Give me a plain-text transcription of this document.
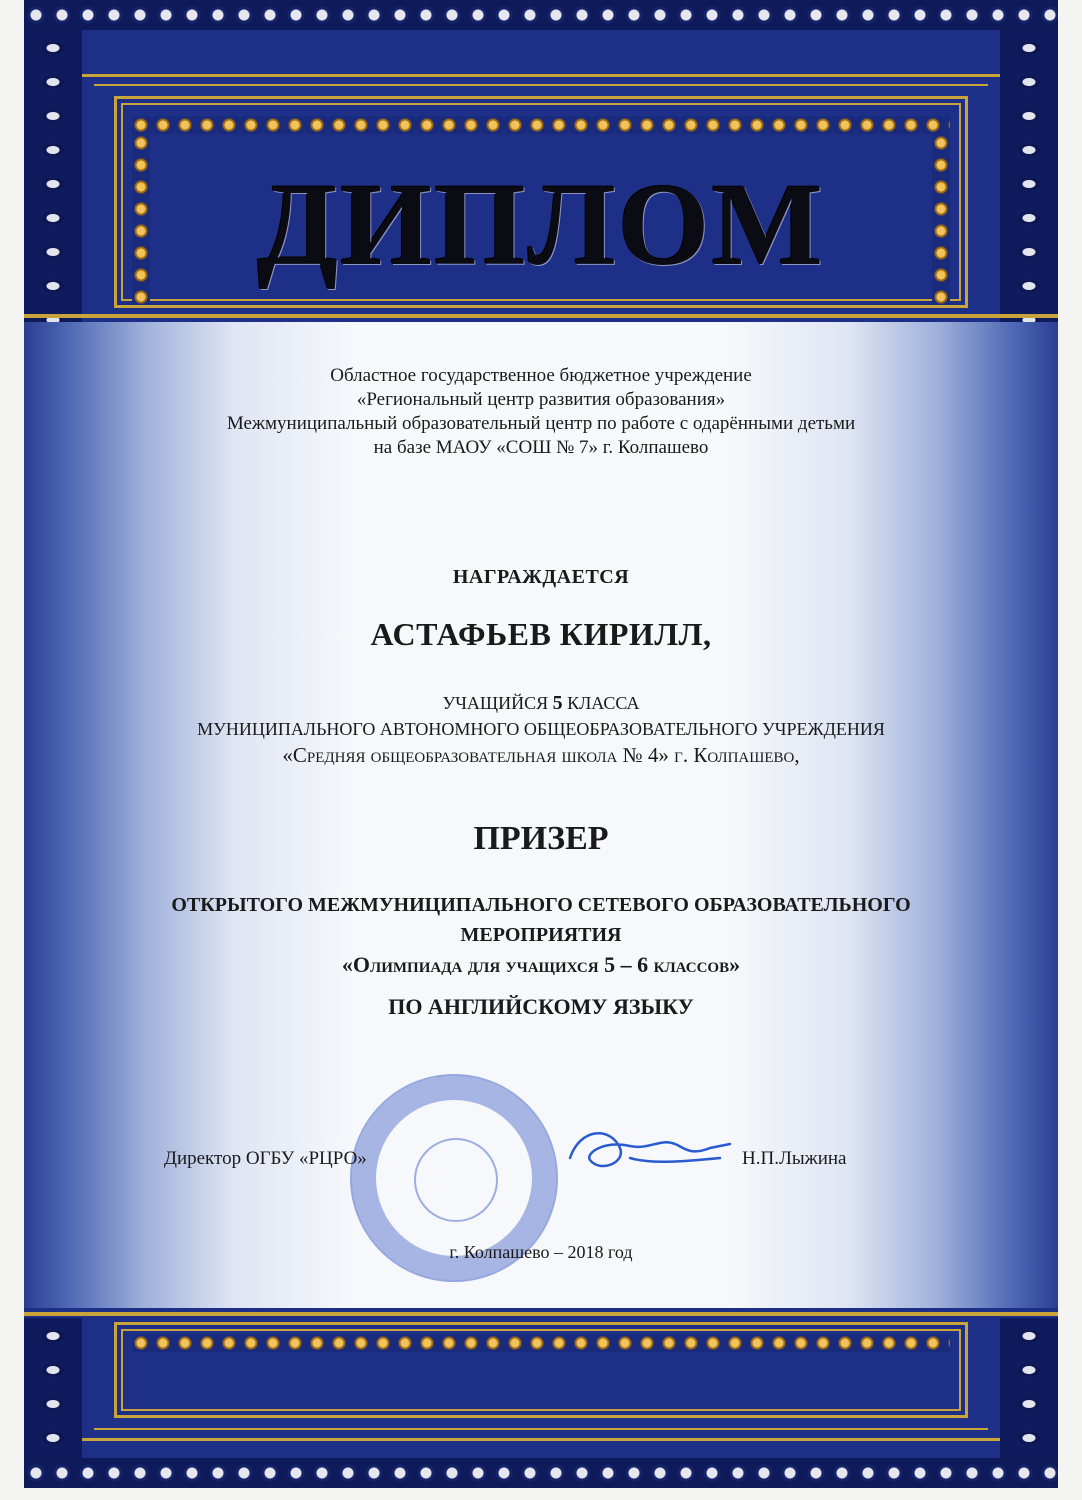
ДИПЛОМ
Областное государственное бюджетное учреждение
«Региональный центр развития образования»
Межмуниципальный образовательный центр по работе с одарёнными детьми
на базе МАОУ «СОШ № 7» г. Колпашево
НАГРАЖДАЕТСЯ
АСТАФЬЕВ КИРИЛЛ,
УЧАЩИЙСЯ 5 КЛАССА
МУНИЦИПАЛЬНОГО АВТОНОМНОГО ОБЩЕОБРАЗОВАТЕЛЬНОГО УЧРЕЖДЕНИЯ
«Средняя общеобразовательная школа № 4» г. Колпашево,
ПРИЗЕР
ОТКРЫТОГО МЕЖМУНИЦИПАЛЬНОГО СЕТЕВОГО ОБРАЗОВАТЕЛЬНОГО
МЕРОПРИЯТИЯ
«Олимпиада для учащихся 5 – 6 классов»
ПО АНГЛИЙСКОМУ ЯЗЫКУ
Директор ОГБУ «РЦРО»	Н.П.Лыжина
г. Колпашево – 2018 год
